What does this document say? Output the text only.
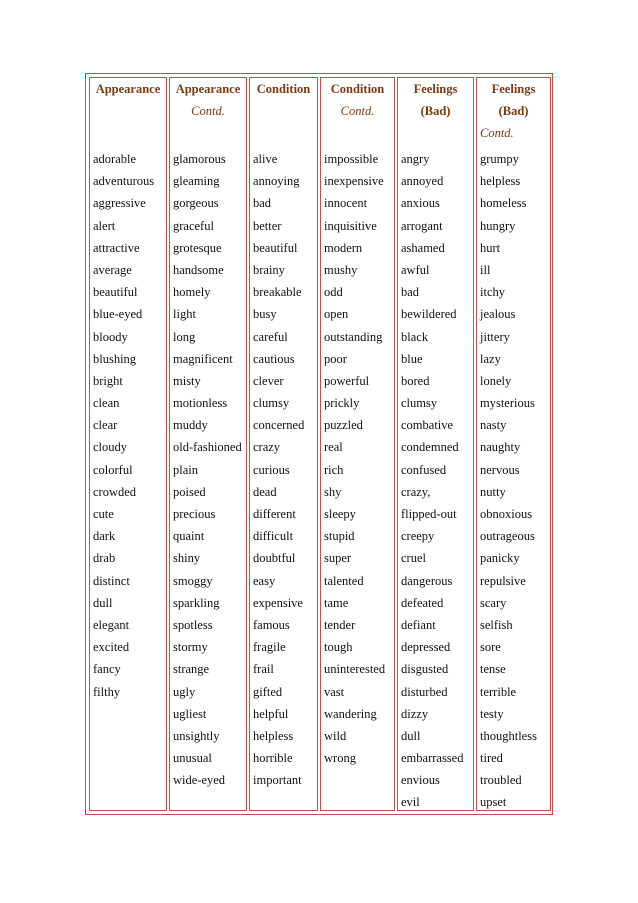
Appearance
adorable
adventurous
aggressive
alert
attractive
average
beautiful
blue-eyed
bloody
blushing
bright
clean
clear
cloudy
colorful
crowded
cute
dark
drab
distinct
dull
elegant
excited
fancy
filthy
Appearance
Contd.
glamorous
gleaming
gorgeous
graceful
grotesque
handsome
homely
light
long
magnificent
misty
motionless
muddy
old-fashioned
plain
poised
precious
quaint
shiny
smoggy
sparkling
spotless
stormy
strange
ugly
ugliest
unsightly
unusual
wide-eyed
Condition
alive
annoying
bad
better
beautiful
brainy
breakable
busy
careful
cautious
clever
clumsy
concerned
crazy
curious
dead
different
difficult
doubtful
easy
expensive
famous
fragile
frail
gifted
helpful
helpless
horrible
important
Condition
Contd.
impossible
inexpensive
innocent
inquisitive
modern
mushy
odd
open
outstanding
poor
powerful
prickly
puzzled
real
rich
shy
sleepy
stupid
super
talented
tame
tender
tough
uninterested
vast
wandering
wild
wrong
Feelings
(Bad)
angry
annoyed
anxious
arrogant
ashamed
awful
bad
bewildered
black
blue
bored
clumsy
combative
condemned
confused
crazy,
flipped-out
creepy
cruel
dangerous
defeated
defiant
depressed
disgusted
disturbed
dizzy
dull
embarrassed
envious
evil
Feelings
(Bad)
Contd.
grumpy
helpless
homeless
hungry
hurt
ill
itchy
jealous
jittery
lazy
lonely
mysterious
nasty
naughty
nervous
nutty
obnoxious
outrageous
panicky
repulsive
scary
selfish
sore
tense
terrible
testy
thoughtless
tired
troubled
upset
